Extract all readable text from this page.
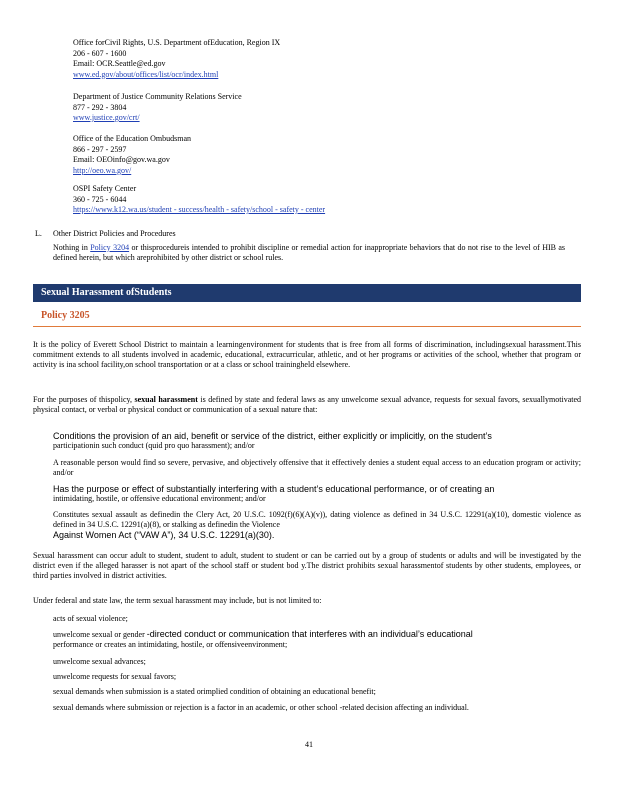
Office forCivil Rights, U.S. Department ofEducation, Region IX
206 - 607 - 1600
Email: OCR.Seattle@ed.gov
www.ed.gov/about/offices/list/ocr/index.html
Department of Justice Community Relations Service
877 - 292 - 3804
www.justice.gov/crt/
Office of the Education Ombudsman
866 - 297 - 2597
Email: OEOinfo@gov.wa.gov
http://oeo.wa.gov/
OSPI Safety Center
360 - 725 - 6044
https://www.k12.wa.us/student - success/health - safety/school - safety - center
L. Other District Policies and Procedures
Nothing in Policy 3204 or thisprocedureis intended to prohibit discipline or remedial action for inappropriate behaviors that do not rise to the level of HIB as defined herein, but which areprohibited by other district or school rules.
Sexual Harassment ofStudents
Policy 3205
It is the policy of Everett School District to maintain a learningenvironment for students that is free from all forms of discrimination, includingsexual harassment.This commitment extends to all students involved in academic, educational, extracurricular, athletic, and ot her programs or activities of the school, whether that program or activity is ina school facility,on school transportation or at a class or school trainingheld elsewhere.
For the purposes of thispolicy, sexual harassment is defined by state and federal laws as any unwelcome sexual advance, requests for sexual favors, sexuallymotivated physical contact, or verbal or physical conduct or communication of a sexual nature that:
Conditions the provision of an aid, benefit or service of the district, either explicitly or implicitly, on the student’s
participationin such conduct (quid pro quo harassment); and/or
A reasonable person would find so severe, pervasive, and objectively offensive that it effectively denies a student equal access to an education program or activity; and/or
Has the purpose or effect of substantially interfering with a student’s educational performance, or of creating an
intimidating, hostile, or offensive educational environment; and/or
Constitutes sexual assault as definedin the Clery Act, 20 U.S.C. 1092(f)(6)(A)(v)), dating violence as defined in 34 U.S.C. 12291(a)(10), domestic violence as defined in 34 U.S.C. 12291(a)(8), or stalking as definedin the Violence
Against Women Act (“VAW A”), 34 U.S.C. 12291(a)(30).
Sexual harassment can occur adult to student, student to adult, student to student or can be carried out by a group of students or adults and will be investigated by the district even if the alleged harasser is not apart of the school staff or student bod y.The district prohibits sexual harassmentof students by other students, employees, or third parties involved in district activities.
Under federal and state law, the term sexual harassment may include, but is not limited to:
acts of sexual violence;
unwelcome sexual or gender -directed conduct or communication that interferes with an individual’s educational
performance or creates an intimidating, hostile, or offensiveenvironment;
unwelcome sexual advances;
unwelcome requests for sexual favors;
sexual demands when submission is a stated orimplied condition of obtaining an educational benefit;
sexual demands where submission or rejection is a factor in an academic, or other school -related decision affecting an individual.
41
